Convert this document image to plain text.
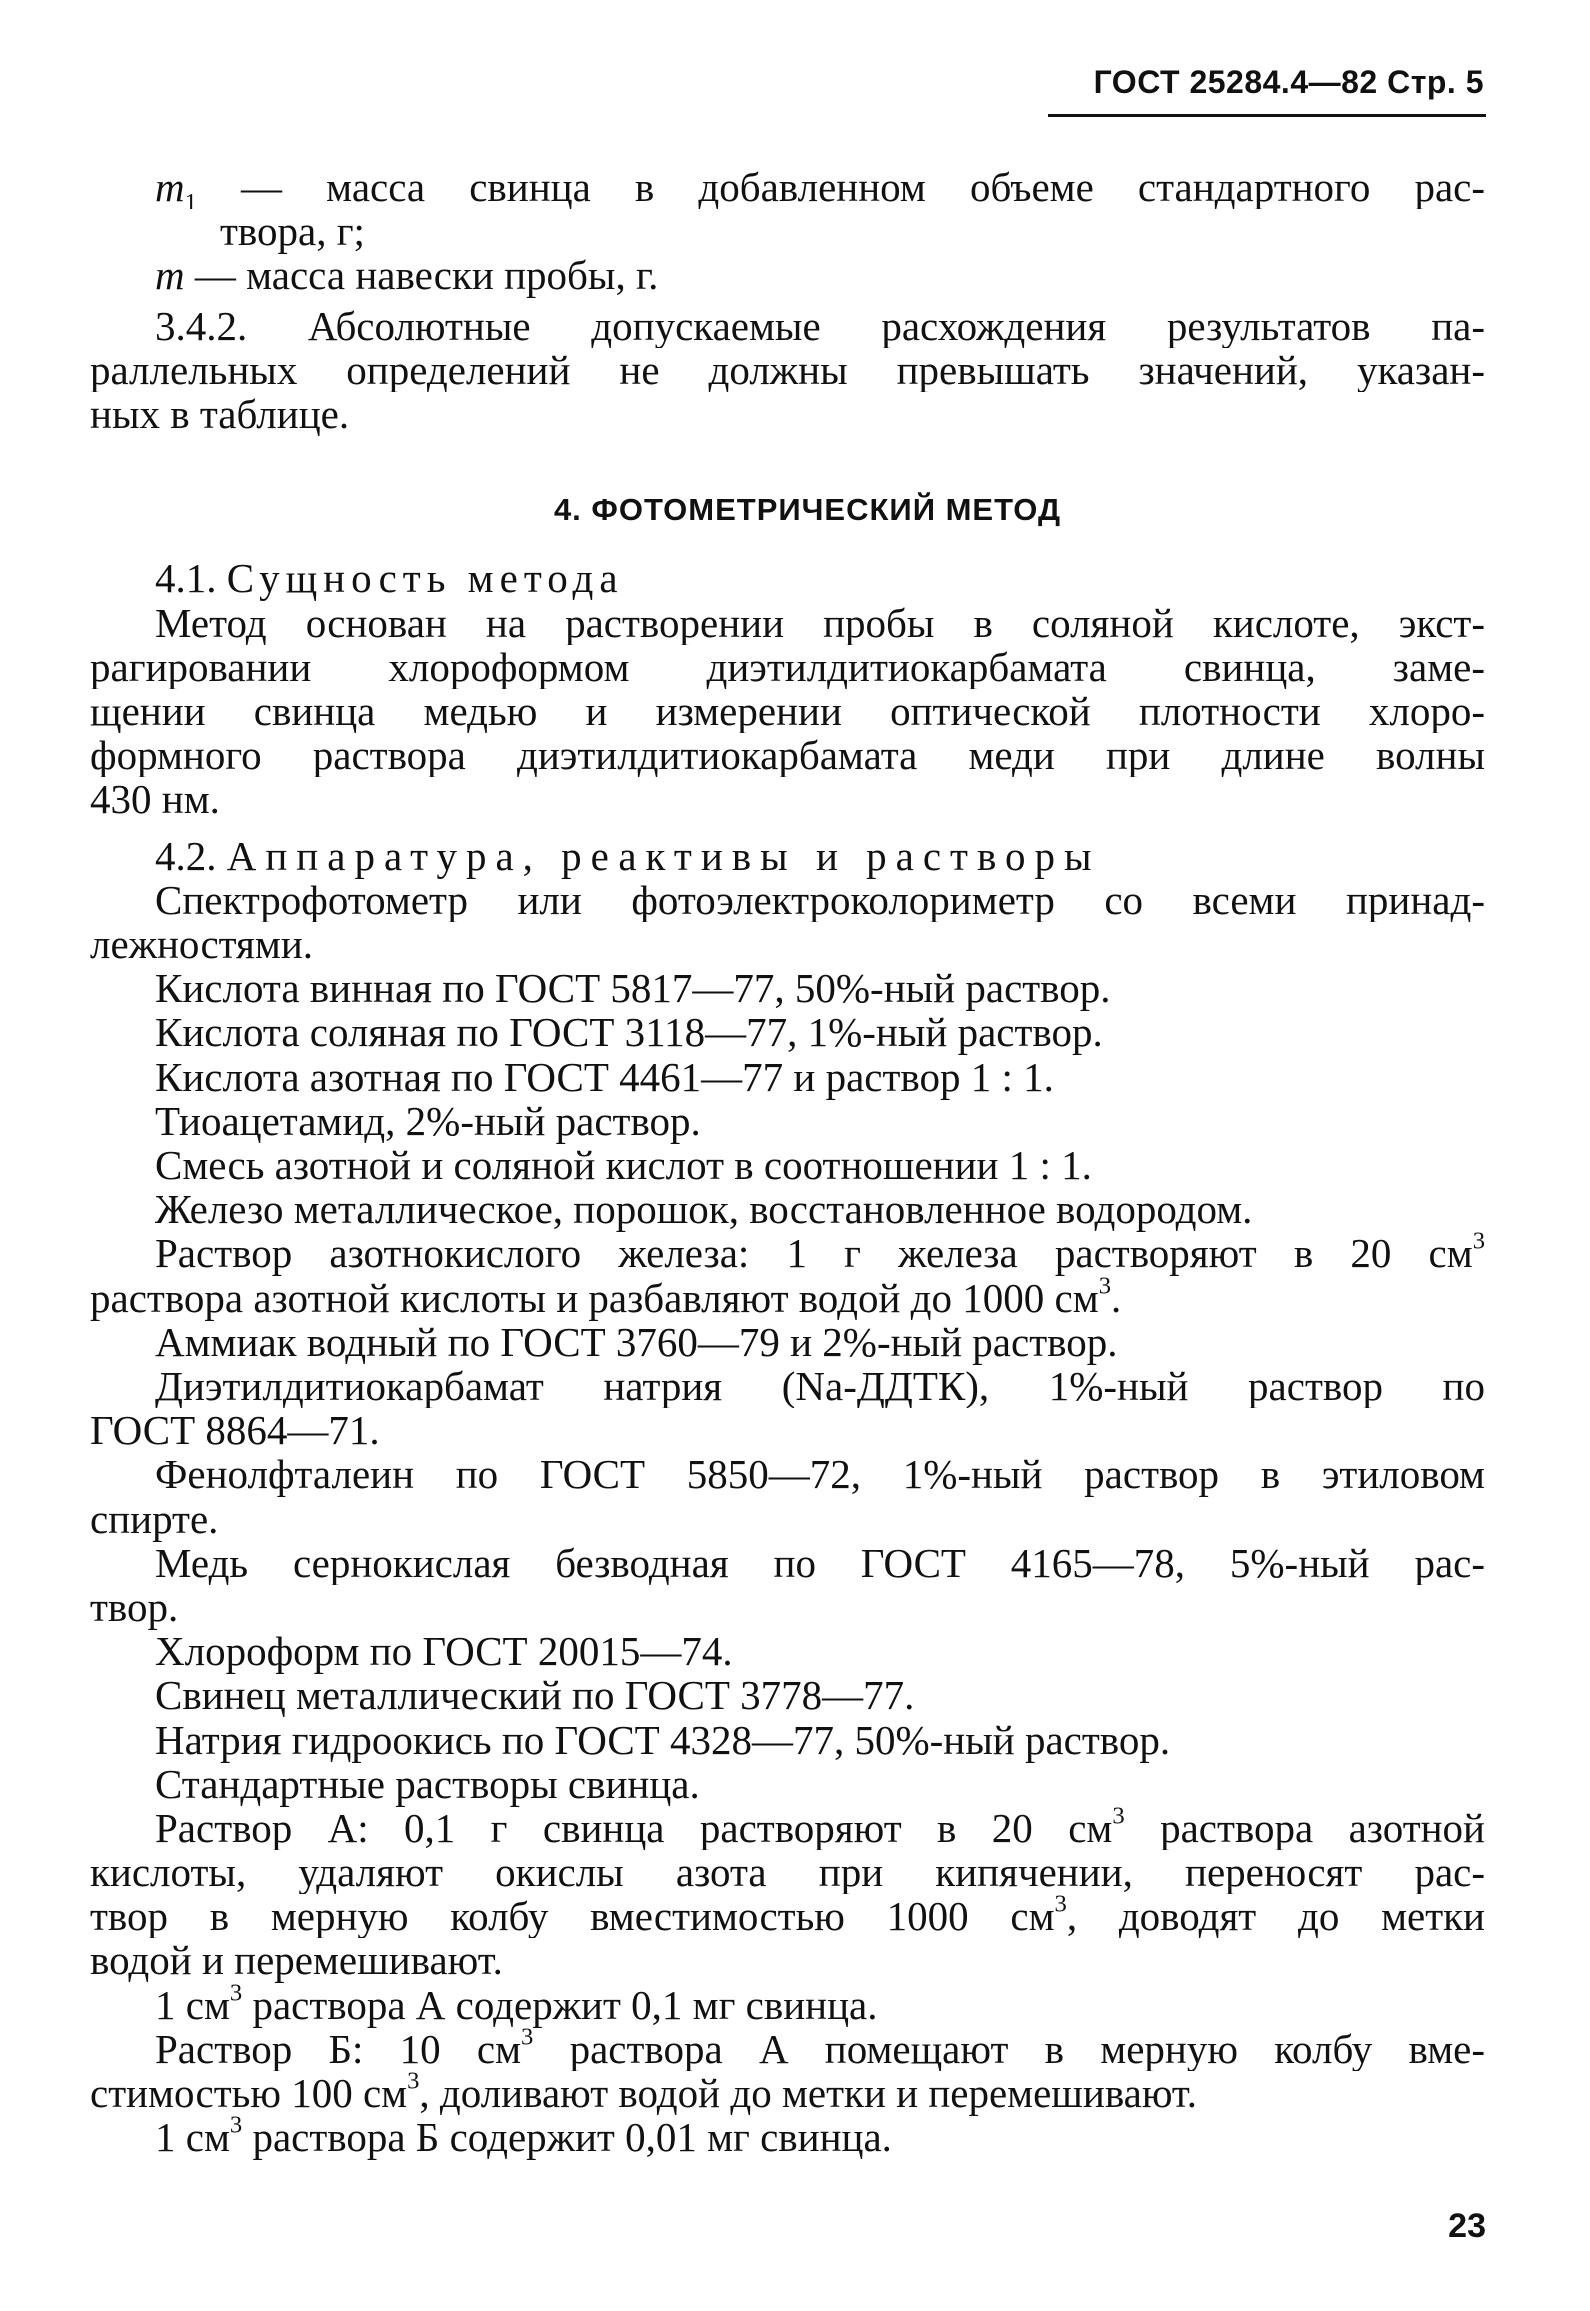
ГОСТ 25284.4—82 Стр. 5
$m_1$ — масса свинца в добавленном объеме стандартного рас-
твора, г;
m — масса навески пробы, г.
3.4.2. Абсолютные допускаемые расхождения результатов па-
раллельных определений не должны превышать значений, указан-
ных в таблице.
4. ФОТОМЕТРИЧЕСКИЙ МЕТОД
4.1. Сущность метода
Метод основан на растворении пробы в соляной кислоте, экст-
рагировании хлороформом диэтилдитиокарбамата свинца, заме-
щении свинца медью и измерении оптической плотности хлоро-
формного раствора диэтилдитиокарбамата меди при длине волны
430 нм.
4.2. Аппаратура, реактивы и растворы
Спектрофотометр или фотоэлектроколориметр со всеми принад-
лежностями.
Кислота винная по ГОСТ 5817—77, 50%-ный раствор.
Кислота соляная по ГОСТ 3118—77, 1%-ный раствор.
Кислота азотная по ГОСТ 4461—77 и раствор 1 : 1.
Тиоацетамид, 2%-ный раствор.
Смесь азотной и соляной кислот в соотношении 1 : 1.
Железо металлическое, порошок, восстановленное водородом.
Раствор азотнокислого железа: 1 г железа растворяют в 20 $см^3$
раствора азотной кислоты и разбавляют водой до 1000 $см^3$.
Аммиак водный по ГОСТ 3760—79 и 2%-ный раствор.
Диэтилдитиокарбамат натрия (Na-ДДТК), 1%-ный раствор по
ГОСТ 8864—71.
Фенолфталеин по ГОСТ 5850—72, 1%-ный раствор в этиловом
спирте.
Медь сернокислая безводная по ГОСТ 4165—78, 5%-ный рас-
твор.
Хлороформ по ГОСТ 20015—74.
Свинец металлический по ГОСТ 3778—77.
Натрия гидроокись по ГОСТ 4328—77, 50%-ный раствор.
Стандартные растворы свинца.
Раствор А: 0,1 г свинца растворяют в 20 $см^3$ раствора азотной
кислоты, удаляют окислы азота при кипячении, переносят рас-
твор в мерную колбу вместимостью 1000 $см^3$, доводят до метки
водой и перемешивают.
1 $см^3$ раствора А содержит 0,1 мг свинца.
Раствор Б: 10 $см^3$ раствора А помещают в мерную колбу вме-
стимостью 100 $см^3$, доливают водой до метки и перемешивают.
1 $см^3$ раствора Б содержит 0,01 мг свинца.
23
